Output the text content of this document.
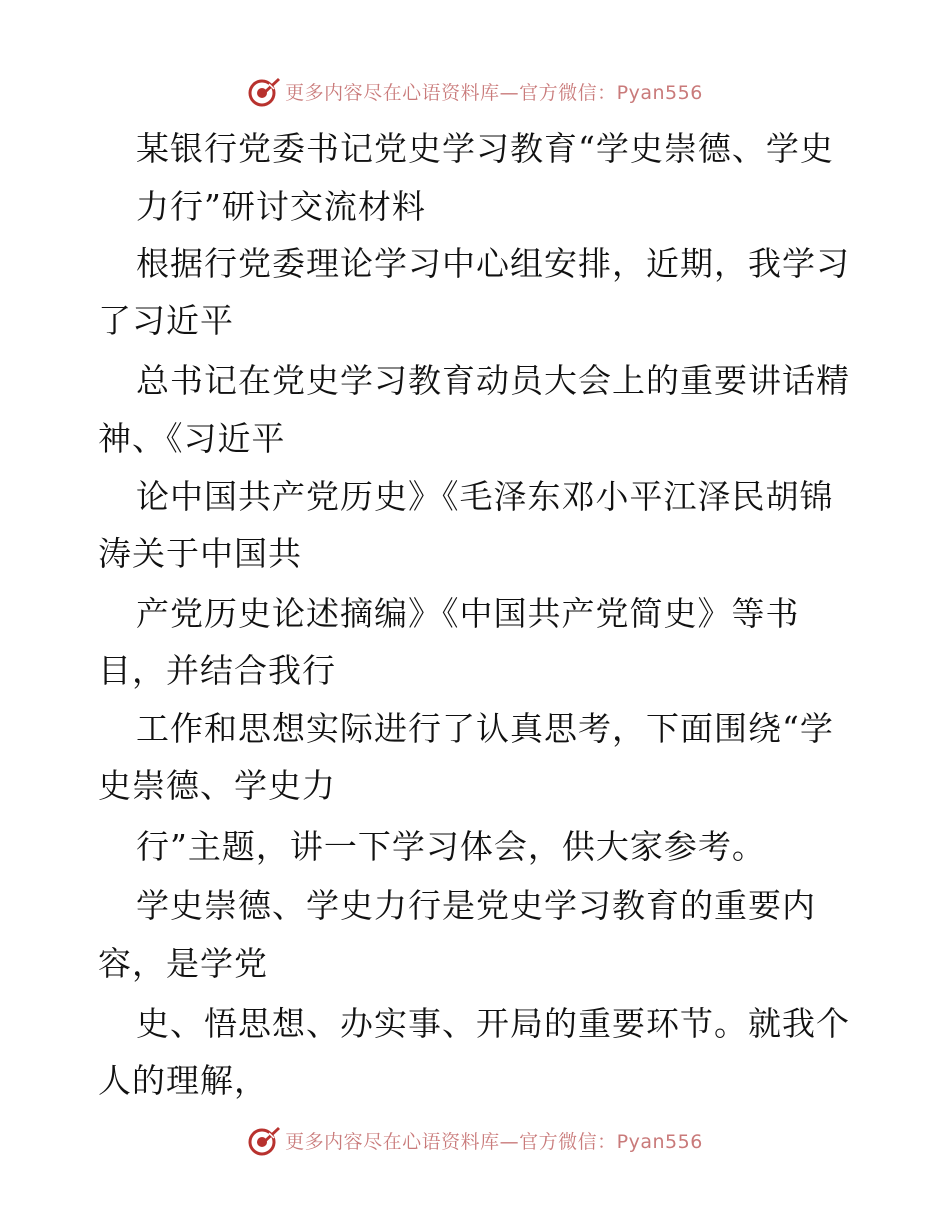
更多内容尽在心语资料库—官方微信：Pyan556
某银行党委书记党史学习教育“学史崇德、学史
力行”研讨交流材料
根据行党委理论学习中心组安排，近期，我学习
了习近平
总书记在党史学习教育动员大会上的重要讲话精
神、《习近平
论中国共产党历史》《毛泽东邓小平江泽民胡锦
涛关于中国共
产党历史论述摘编》《中国共产党简史》等书
目，并结合我行
工作和思想实际进行了认真思考，下面围绕“学
史崇德、学史力
行”主题，讲一下学习体会，供大家参考。
学史崇德、学史力行是党史学习教育的重要内
容，是学党
史、悟思想、办实事、开局的重要环节。就我个
人的理解，
更多内容尽在心语资料库—官方微信：Pyan556
